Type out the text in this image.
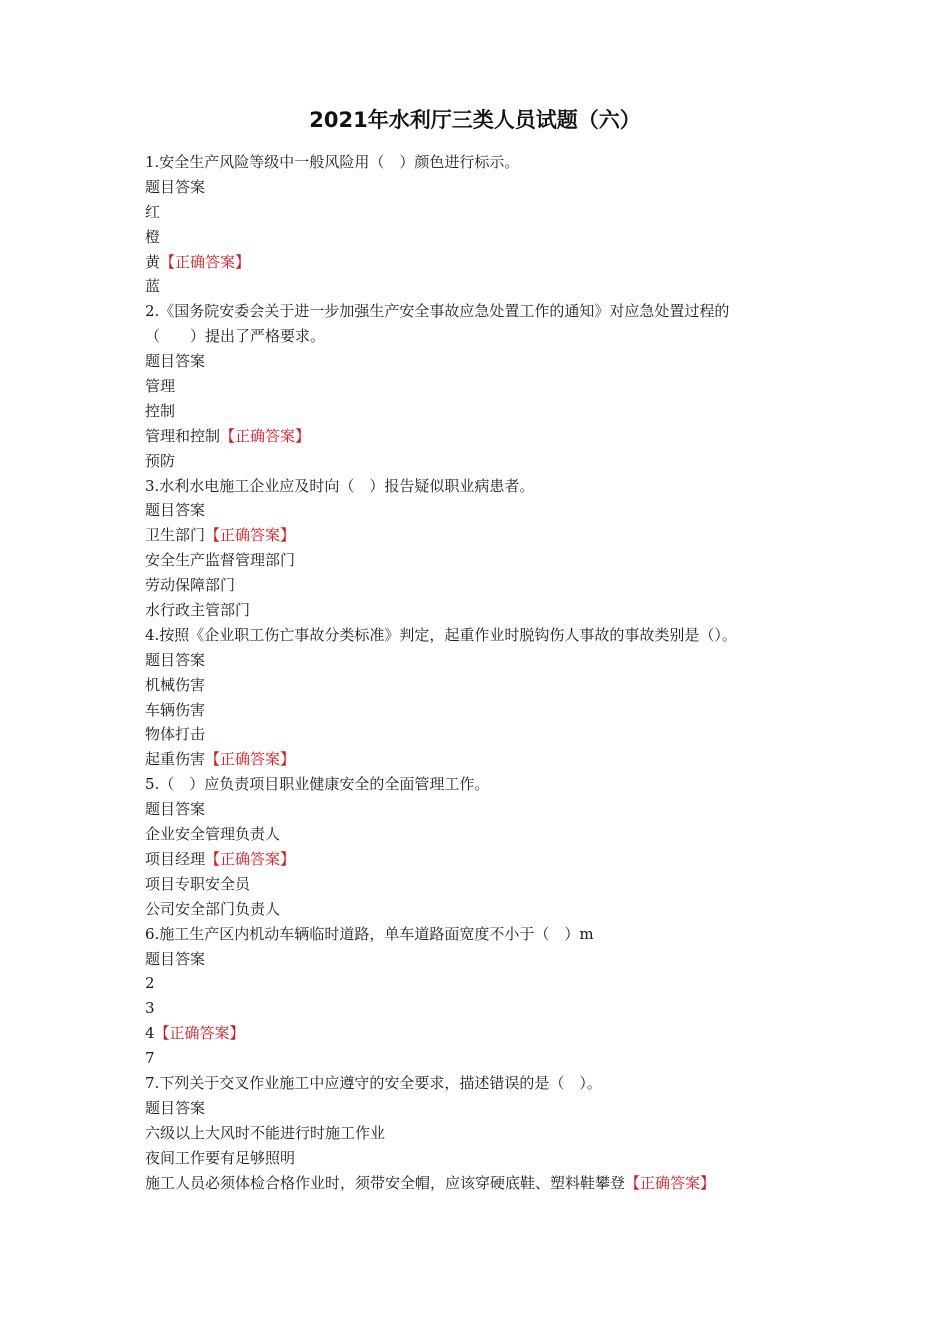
2021年水利厅三类人员试题（六）
1.安全生产风险等级中一般风险用（　）颜色进行标示。
题目答案
红
橙
黄【正确答案】
蓝
2.《国务院安委会关于进一步加强生产安全事故应急处置工作的通知》对应急处置过程的
（　　）提出了严格要求。
题目答案
管理
控制
管理和控制【正确答案】
预防
3.水利水电施工企业应及时向（　）报告疑似职业病患者。
题目答案
卫生部门【正确答案】
安全生产监督管理部门
劳动保障部门
水行政主管部门
4.按照《企业职工伤亡事故分类标准》判定，起重作业时脱钩伤人事故的事故类别是（）。
题目答案
机械伤害
车辆伤害
物体打击
起重伤害【正确答案】
5.（　）应负责项目职业健康安全的全面管理工作。
题目答案
企业安全管理负责人
项目经理【正确答案】
项目专职安全员
公司安全部门负责人
6.施工生产区内机动车辆临时道路，单车道路面宽度不小于（　）m
题目答案
2
3
4【正确答案】
7
7.下列关于交叉作业施工中应遵守的安全要求，描述错误的是（　）。
题目答案
六级以上大风时不能进行时施工作业
夜间工作要有足够照明
施工人员必须体检合格作业时，须带安全帽，应该穿硬底鞋、塑料鞋攀登【正确答案】
